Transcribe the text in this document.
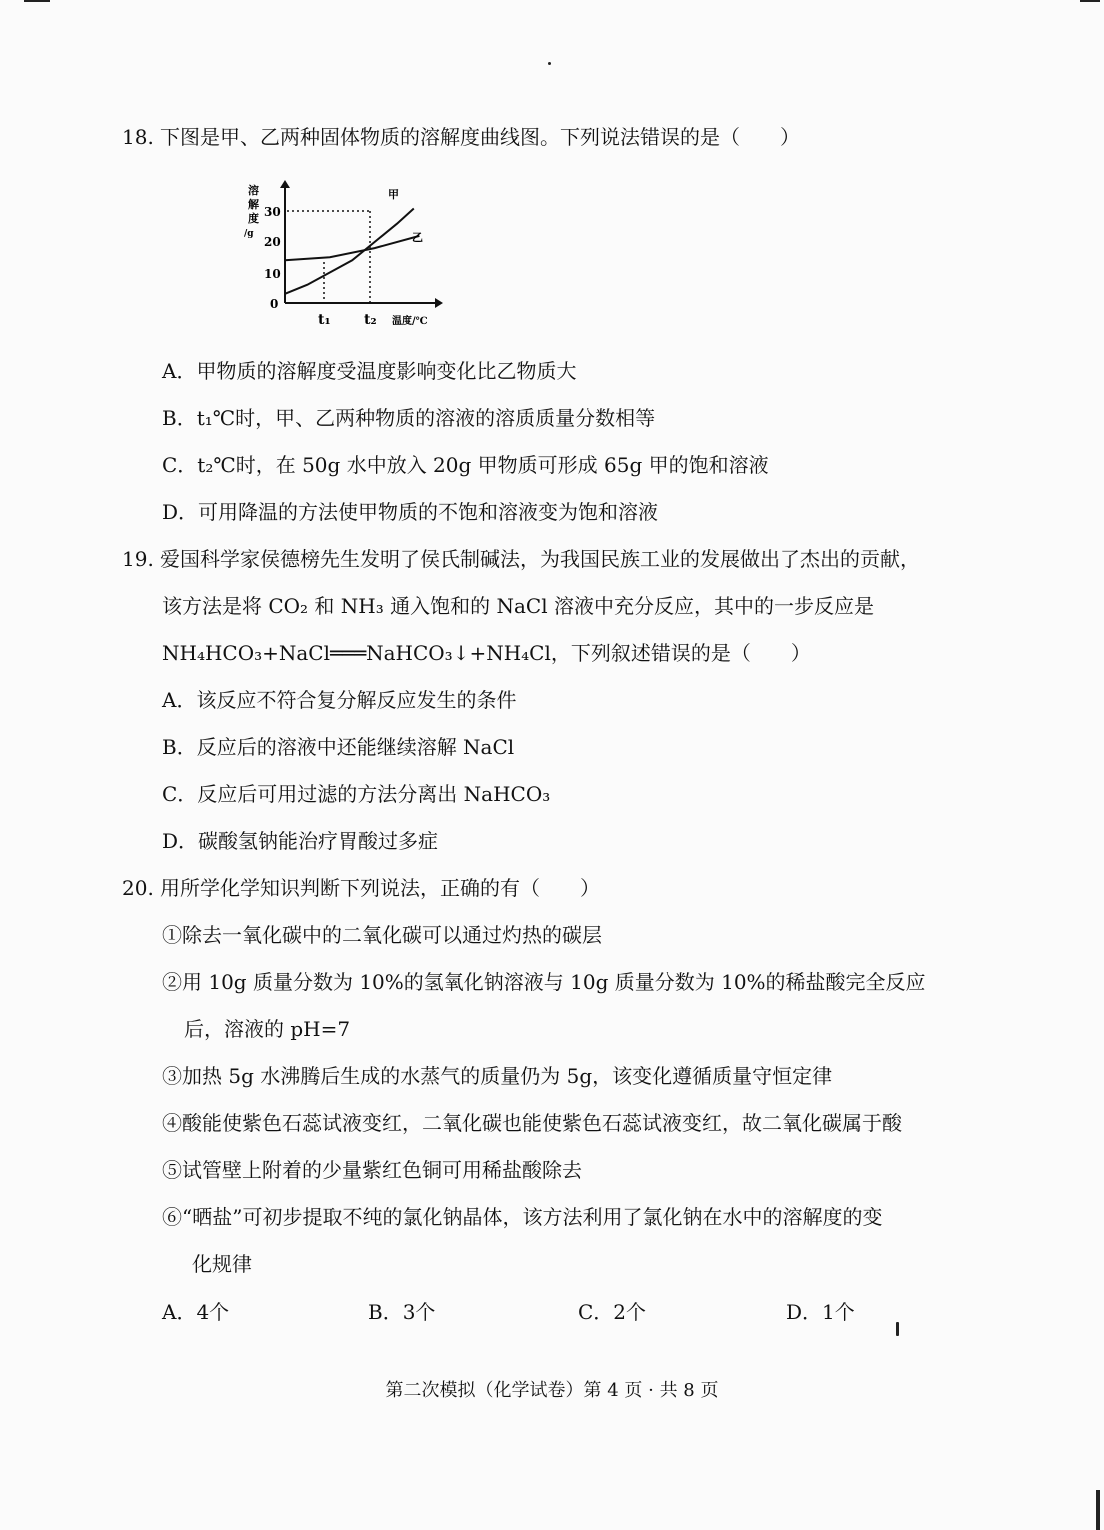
18. 下图是甲、乙两种固体物质的溶解度曲线图。下列说法错误的是（　　）
溶
解
度
/g
0
10
20
30
甲
乙
t₁ t₂ 温度/℃
A．甲物质的溶解度受温度影响变化比乙物质大
B．t₁℃时，甲、乙两种物质的溶液的溶质质量分数相等
C．t₂℃时，在 50g 水中放入 20g 甲物质可形成 65g 甲的饱和溶液
D．可用降温的方法使甲物质的不饱和溶液变为饱和溶液
19. 爱国科学家侯德榜先生发明了侯氏制碱法，为我国民族工业的发展做出了杰出的贡献，
该方法是将 CO₂ 和 NH₃ 通入饱和的 NaCl 溶液中充分反应，其中的一步反应是
NH₄HCO₃+NaCl═══NaHCO₃↓+NH₄Cl，下列叙述错误的是（　　）
A．该反应不符合复分解反应发生的条件
B．反应后的溶液中还能继续溶解 NaCl
C．反应后可用过滤的方法分离出 NaHCO₃
D．碳酸氢钠能治疗胃酸过多症
20. 用所学化学知识判断下列说法，正确的有（　　）
①除去一氧化碳中的二氧化碳可以通过灼热的碳层
②用 10g 质量分数为 10%的氢氧化钠溶液与 10g 质量分数为 10%的稀盐酸完全反应
后，溶液的 pH=7
③加热 5g 水沸腾后生成的水蒸气的质量仍为 5g，该变化遵循质量守恒定律
④酸能使紫色石蕊试液变红，二氧化碳也能使紫色石蕊试液变红，故二氧化碳属于酸
⑤试管壁上附着的少量紫红色铜可用稀盐酸除去
⑥“晒盐”可初步提取不纯的氯化钠晶体，该方法利用了氯化钠在水中的溶解度的变
化规律
A．4个	B．3个	C．2个	D．1个
第二次模拟（化学试卷）第 4 页 · 共 8 页
